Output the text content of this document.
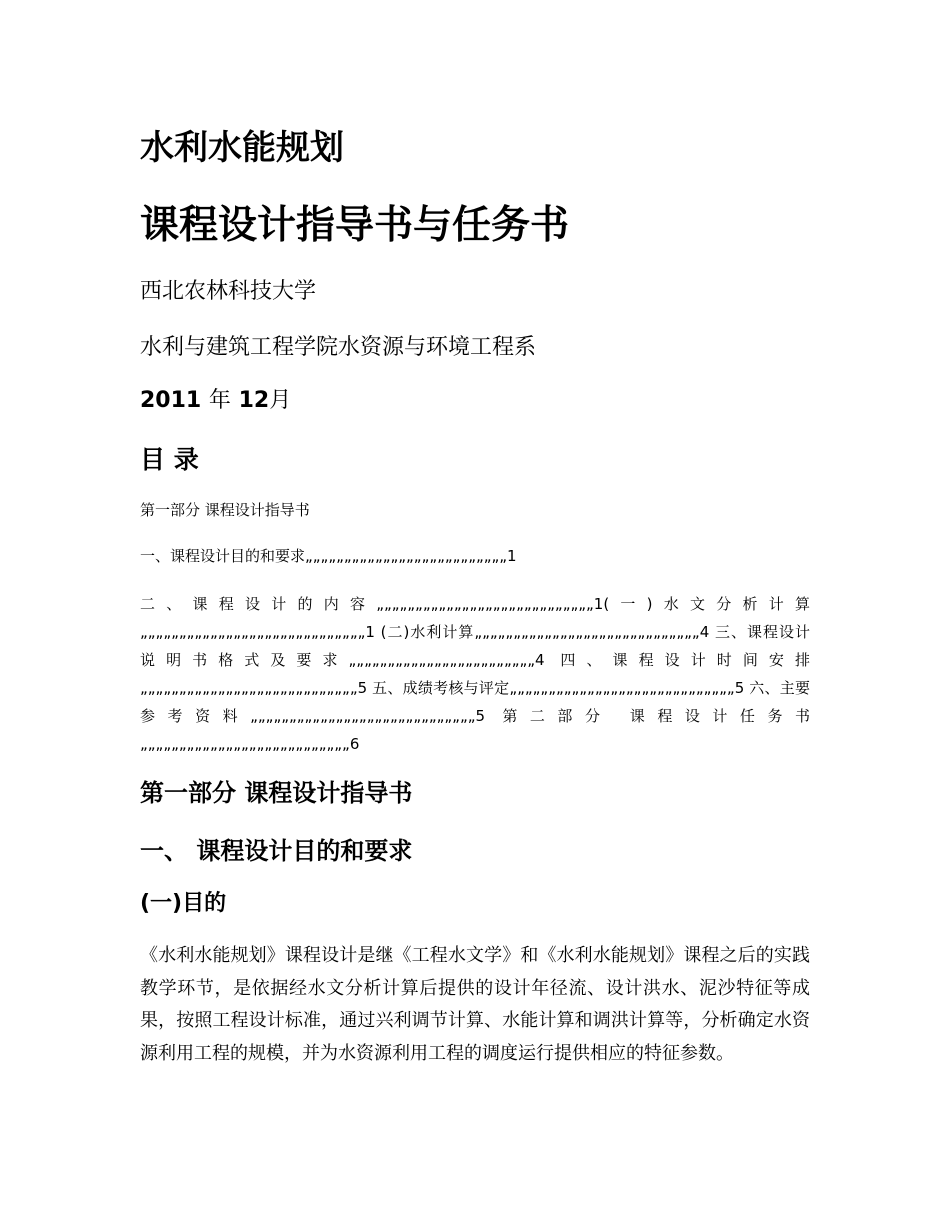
水利水能规划
课程设计指导书与任务书
西北农林科技大学
水利与建筑工程学院水资源与环境工程系
2011 年 12月
目 录
第一部分 课程设计指导书
一、课程设计目的和要求„„„„„„„„„„„„„„„„„„„„„„„„„„1

二、课程设计的内容„„„„„„„„„„„„„„„„„„„„„„„„„„„„1(一)水文分析计算„„„„„„„„„„„„„„„„„„„„„„„„„„„„„1 (二)水利计算„„„„„„„„„„„„„„„„„„„„„„„„„„„„„4 三、课程设计说明书格式及要求„„„„„„„„„„„„„„„„„„„„„„„„4 四、课程设计时间安排„„„„„„„„„„„„„„„„„„„„„„„„„„„„5 五、成绩考核与评定„„„„„„„„„„„„„„„„„„„„„„„„„„„„„5 六、主要参考资料„„„„„„„„„„„„„„„„„„„„„„„„„„„„„5 第二部分 课程设计任务书„„„„„„„„„„„„„„„„„„„„„„„„„„„6

第一部分 课程设计指导书
一、 课程设计目的和要求
(一)目的

《水利水能规划》课程设计是继《工程水文学》和《水利水能规划》课程之后的实践教学环节，是依据经水文分析计算后提供的设计年径流、设计洪水、泥沙特征等成果，按照工程设计标准，通过兴利调节计算、水能计算和调洪计算等，分析确定水资源利用工程的规模，并为水资源利用工程的调度运行提供相应的特征参数。
